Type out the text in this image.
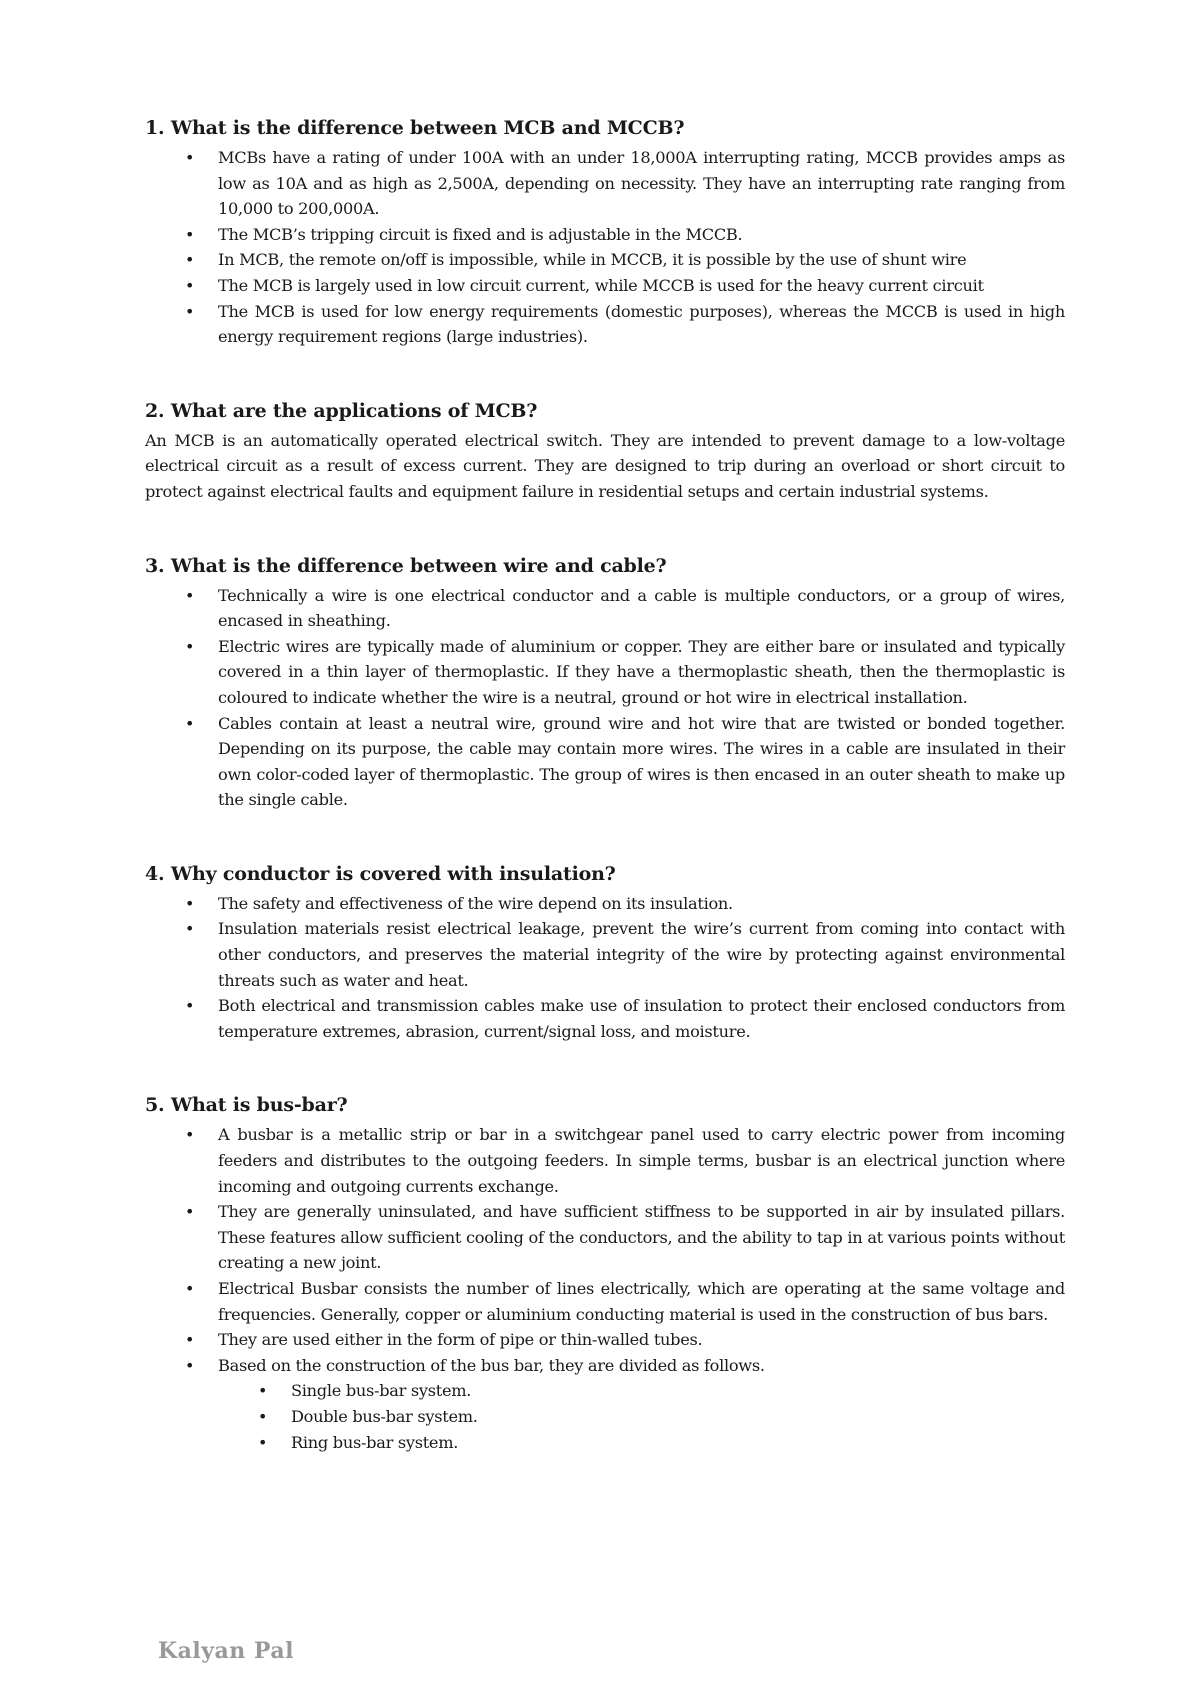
1. What is the difference between MCB and MCCB?
• MCBs have a rating of under 100A with an under 18,000A interrupting rating, MCCB provides amps as low as 10A and as high as 2,500A, depending on necessity. They have an interrupting rate ranging from 10,000 to 200,000A.
• The MCB’s tripping circuit is fixed and is adjustable in the MCCB.
• In MCB, the remote on/off is impossible, while in MCCB, it is possible by the use of shunt wire
• The MCB is largely used in low circuit current, while MCCB is used for the heavy current circuit
• The MCB is used for low energy requirements (domestic purposes), whereas the MCCB is used in high energy requirement regions (large industries).
2. What are the applications of MCB?

An MCB is an automatically operated electrical switch. They are intended to prevent damage to a low-voltage electrical circuit as a result of excess current. They are designed to trip during an overload or short circuit to protect against electrical faults and equipment failure in residential setups and certain industrial systems.

3. What is the difference between wire and cable?
• Technically a wire is one electrical conductor and a cable is multiple conductors, or a group of wires, encased in sheathing.
• Electric wires are typically made of aluminium or copper. They are either bare or insulated and typically covered in a thin layer of thermoplastic. If they have a thermoplastic sheath, then the thermoplastic is coloured to indicate whether the wire is a neutral, ground or hot wire in electrical installation.
• Cables contain at least a neutral wire, ground wire and hot wire that are twisted or bonded together. Depending on its purpose, the cable may contain more wires. The wires in a cable are insulated in their own color-coded layer of thermoplastic. The group of wires is then encased in an outer sheath to make up the single cable.
4. Why conductor is covered with insulation?
• The safety and effectiveness of the wire depend on its insulation.
• Insulation materials resist electrical leakage, prevent the wire’s current from coming into contact with other conductors, and preserves the material integrity of the wire by protecting against environmental threats such as water and heat.
• Both electrical and transmission cables make use of insulation to protect their enclosed conductors from temperature extremes, abrasion, current/signal loss, and moisture.
5. What is bus-bar?
• A busbar is a metallic strip or bar in a switchgear panel used to carry electric power from incoming feeders and distributes to the outgoing feeders. In simple terms, busbar is an electrical junction where incoming and outgoing currents exchange.
• They are generally uninsulated, and have sufficient stiffness to be supported in air by insulated pillars. These features allow sufficient cooling of the conductors, and the ability to tap in at various points without creating a new joint.
• Electrical Busbar consists the number of lines electrically, which are operating at the same voltage and frequencies. Generally, copper or aluminium conducting material is used in the construction of bus bars.
• They are used either in the form of pipe or thin-walled tubes.
• Based on the construction of the bus bar, they are divided as follows.
• Single bus-bar system.
• Double bus-bar system.
• Ring bus-bar system.
Kalyan Pal
